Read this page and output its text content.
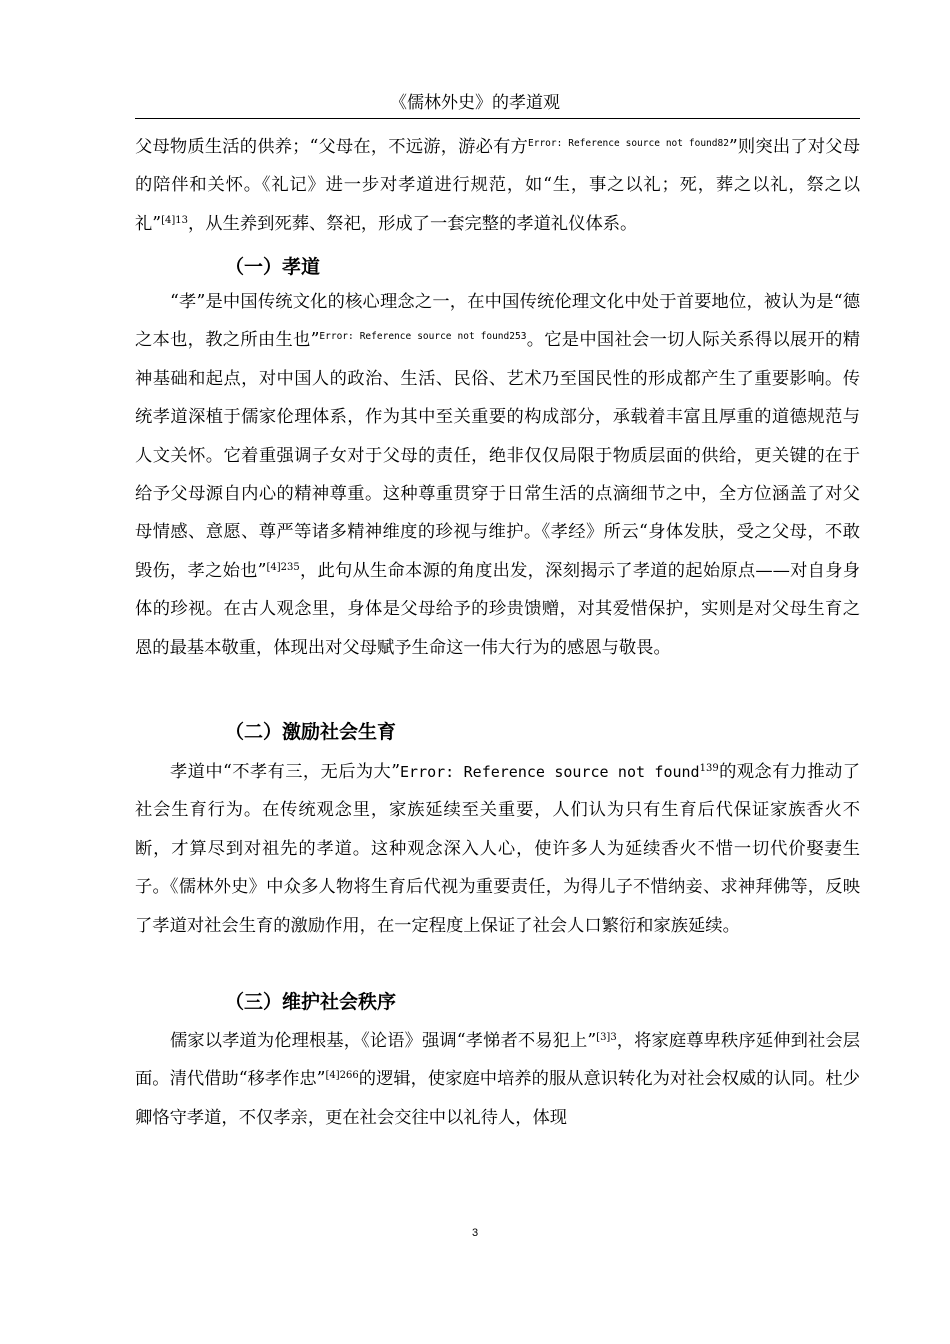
《儒林外史》的孝道观

父母物质生活的供养；“父母在，不远游，游必有方$^{Error: Reference source not found82}$”则突出了对父母的陪伴和关怀。《礼记》进一步对孝道进行规范，如“生，事之以礼；死，葬之以礼，祭之以礼”$^{[4]13}$，从生养到死葬、祭祀，形成了一套完整的孝道礼仪体系。

（一）孝道

“孝”是中国传统文化的核心理念之一，在中国传统伦理文化中处于首要地位，被认为是“德之本也，教之所由生也”$^{Error: Reference source not found253}$。它是中国社会一切人际关系得以展开的精神基础和起点，对中国人的政治、生活、民俗、艺术乃至国民性的形成都产生了重要影响。传统孝道深植于儒家伦理体系，作为其中至关重要的构成部分，承载着丰富且厚重的道德规范与人文关怀。它着重强调子女对于父母的责任，绝非仅仅局限于物质层面的供给，更关键的在于给予父母源自内心的精神尊重。这种尊重贯穿于日常生活的点滴细节之中，全方位涵盖了对父母情感、意愿、尊严等诸多精神维度的珍视与维护。《孝经》所云“身体发肤，受之父母，不敢毁伤，孝之始也”$^{[4]235}$，此句从生命本源的角度出发，深刻揭示了孝道的起始原点——对自身身体的珍视。在古人观念里，身体是父母给予的珍贵馈赠，对其爱惜保护，实则是对父母生育之恩的最基本敬重，体现出对父母赋予生命这一伟大行为的感恩与敬畏。

（二）激励社会生育

孝道中“不孝有三，无后为大”Error: Reference source not found$^{139}$的观念有力推动了社会生育行为。在传统观念里，家族延续至关重要，人们认为只有生育后代保证家族香火不断，才算尽到对祖先的孝道。这种观念深入人心，使许多人为延续香火不惜一切代价娶妻生子。《儒林外史》中众多人物将生育后代视为重要责任，为得儿子不惜纳妾、求神拜佛等，反映了孝道对社会生育的激励作用，在一定程度上保证了社会人口繁衍和家族延续。

（三）维护社会秩序

儒家以孝道为伦理根基，《论语》强调“孝悌者不易犯上”$^{[3]3}$，将家庭尊卑秩序延伸到社会层面。清代借助“移孝作忠”$^{[4]266}$的逻辑，使家庭中培养的服从意识转化为对社会权威的认同。杜少卿恪守孝道，不仅孝亲，更在社会交往中以礼待人，体现

3
